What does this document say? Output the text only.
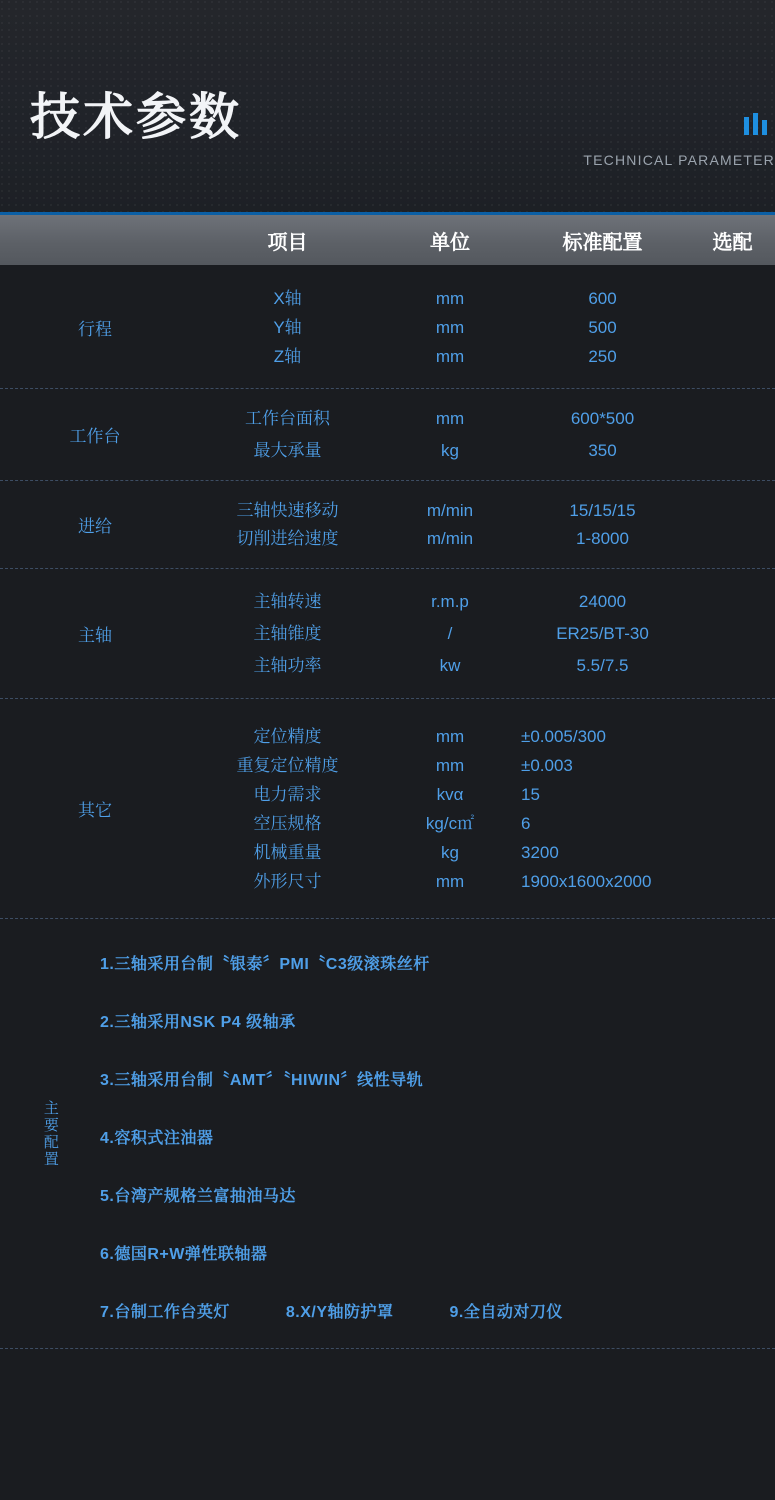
技术参数
TECHNICAL PARAMETER
项目	单位	标准配置	选配
行程
X轴	mm	600
Y轴	mm	500
Z轴	mm	250
工作台
工作台面积	mm	600*500
最大承量	kg	350
进给
三轴快速移动	m/min	15/15/15
切削进给速度	m/min	1-8000
主轴
主轴转速	r.m.p	24000
主轴锥度	/	ER25/BT-30
主轴功率	kw	5.5/7.5
其它
定位精度	mm	±0.005/300
重复定位精度	mm	±0.003
电力需求	kvα	15
空压规格	kg/c㎡	6
机械重量	kg	3200
外形尺寸	mm	1900x1600x2000
主要配置
1.三轴采用台制〝银泰〞PMI〝C3级滚珠丝杆
2.三轴采用NSK P4 级轴承
3.三轴采用台制〝AMT〞〝HIWIN〞线性导轨
4.容积式注油器
5.台湾产规格兰富抽油马达
6.德国R+W弹性联轴器
7.台制工作台英灯	8.X/Y轴防护罩	9.全自动对刀仪
